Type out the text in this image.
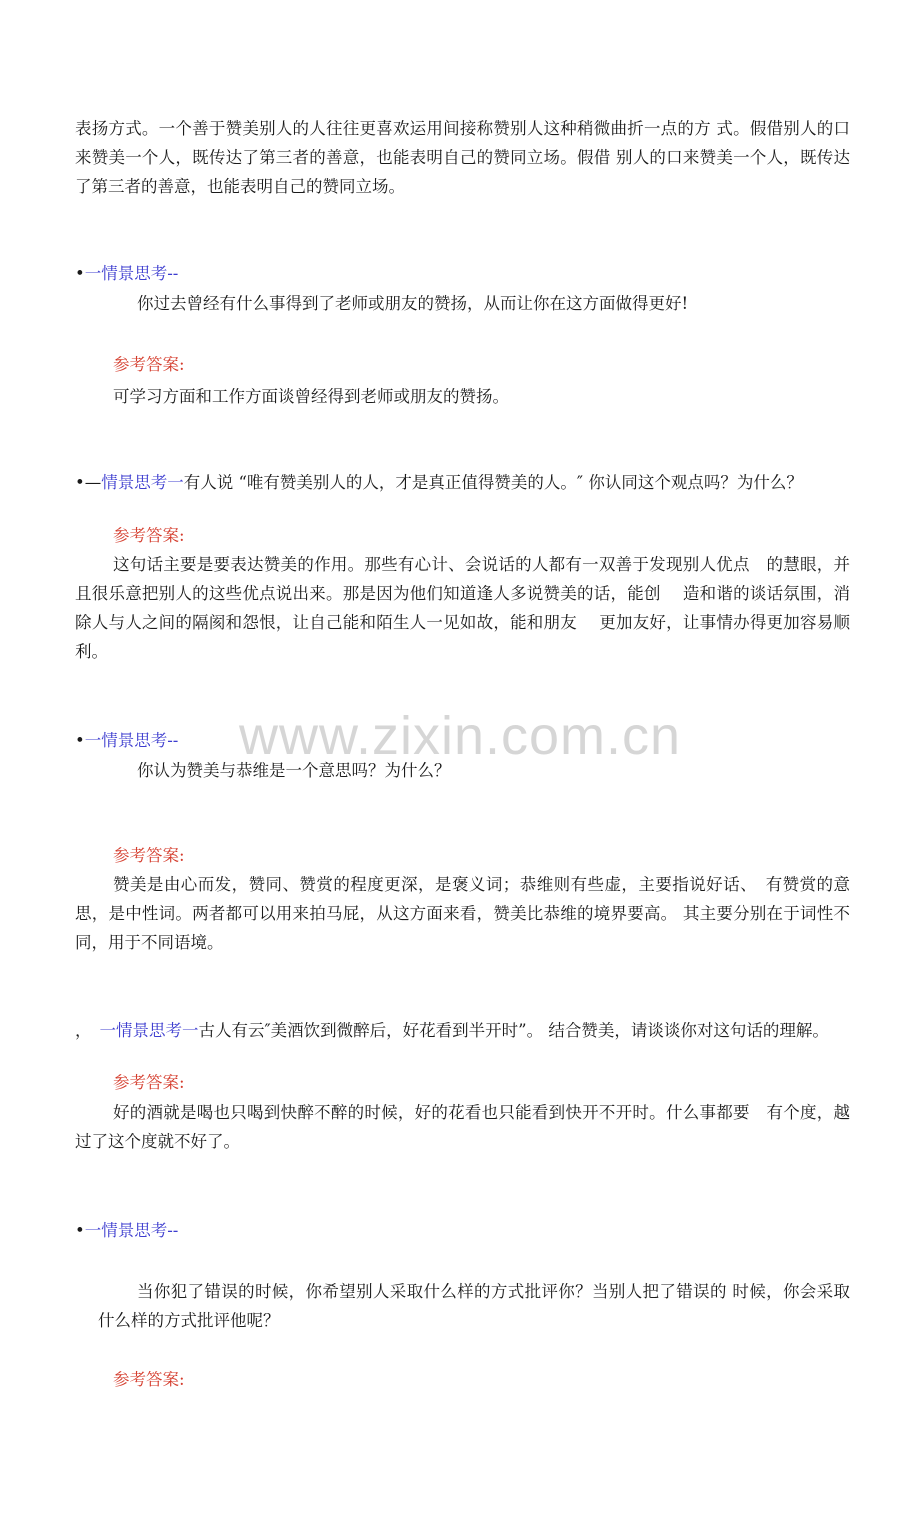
www.zixin.com.cn
表扬方式。一个善于赞美别人的人往往更喜欢运用间接称赞别人这种稍微曲折一点的方 式。假借别人的口来赞美一个人，既传达了第三者的善意，也能表明自己的赞同立场。假借 别人的口来赞美一个人，既传达了第三者的善意，也能表明自己的赞同立场。
•一情景思考--
你过去曾经有什么事得到了老师或朋友的赞扬，从而让你在这方面做得更好!
参考答案:
可学习方面和工作方面谈曾经得到老师或朋友的赞扬。
•—情景思考一有人说 “唯有赞美别人的人，才是真正值得赞美的人。″ 你认同这个观点吗？为什么？
参考答案:
这句话主要是要表达赞美的作用。那些有心计、会说话的人都有一双善于发现别人优点　的慧眼，并且很乐意把别人的这些优点说出来。那是因为他们知道逢人多说赞美的话，能创　 造和谐的谈话氛围，消除人与人之间的隔阂和怨恨，让自己能和陌生人一见如故，能和朋友　 更加友好，让事情办得更加容易顺利。
•一情景思考--
你认为赞美与恭维是一个意思吗？为什么？
参考答案:
赞美是由心而发，赞同、赞赏的程度更深，是褒义词；恭维则有些虚，主要指说好话、　有赞赏的意思，是中性词。两者都可以用来拍马屁，从这方面来看，赞美比恭维的境界要高。 其主要分别在于词性不同，用于不同语境。
， 一情景思考一古人有云″美酒饮到微醉后，好花看到半开时”。 结合赞美，请谈谈你对这句话的理解。
参考答案:
好的酒就是喝也只喝到快醉不醉的时候，好的花看也只能看到快开不开时。什么事都要　有个度，越过了这个度就不好了。
•一情景思考--
当你犯了错误的时候，你希望别人采取什么样的方式批评你？当别人把了错误的 时候，你会采取什么样的方式批评他呢？
参考答案:
